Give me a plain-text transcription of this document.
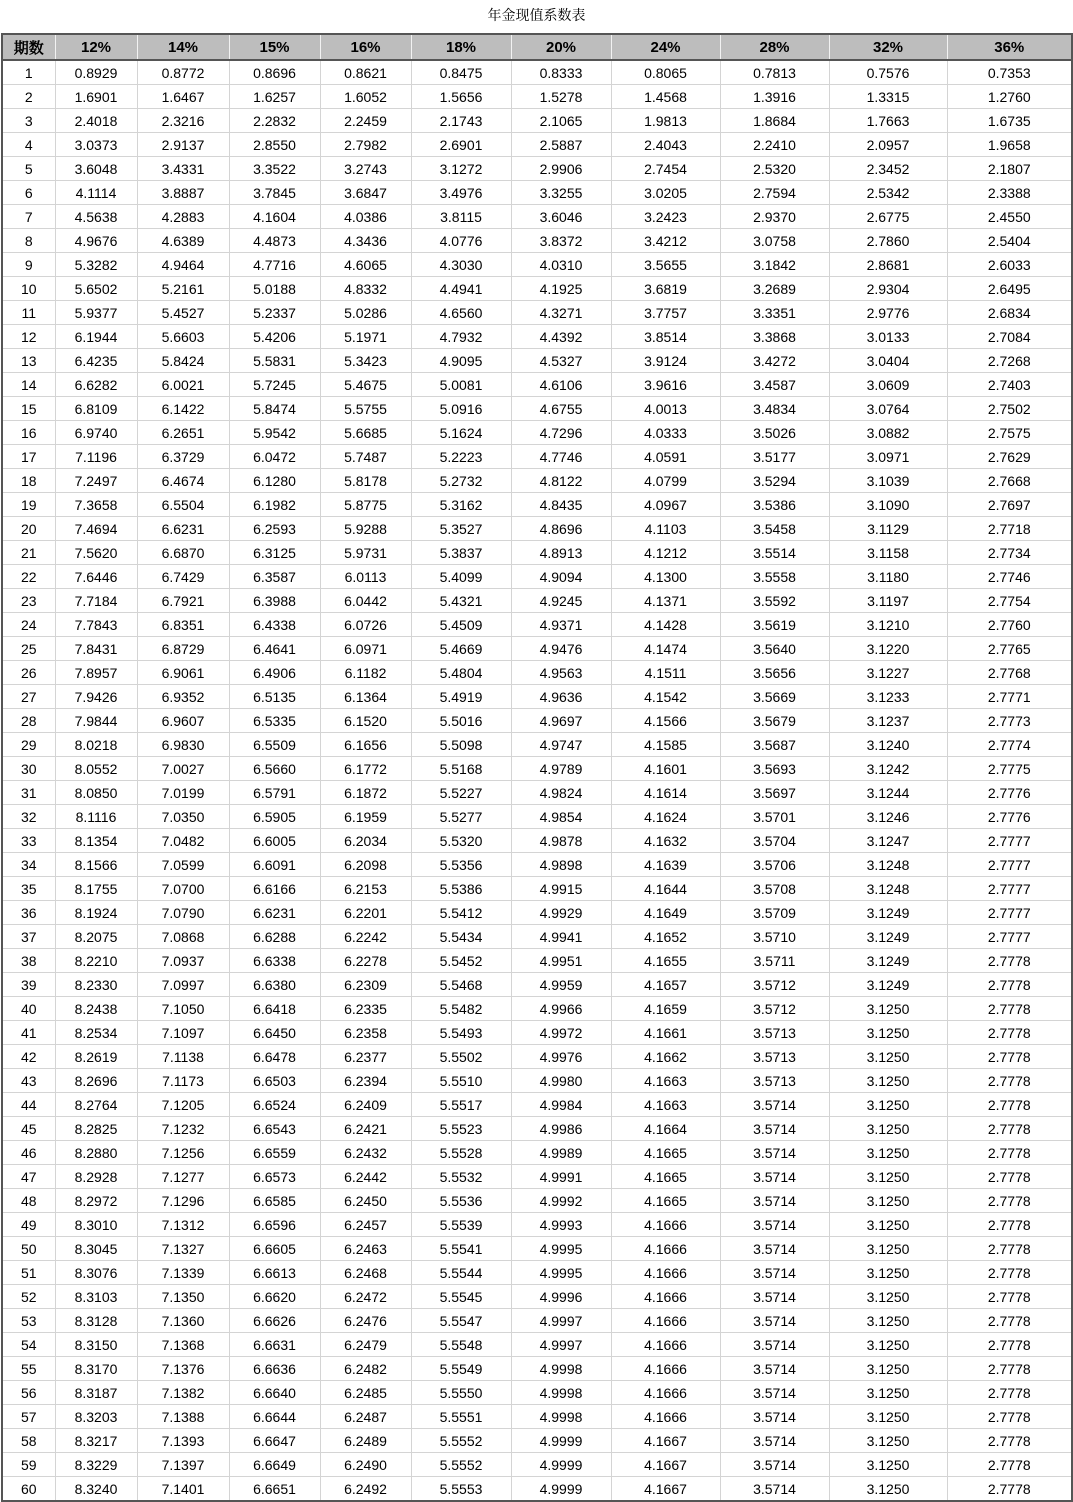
年金现值系数表
期数	12%	14%	15%	16%	18%	20%	24%	28%	32%	36%
1	0.8929	0.8772	0.8696	0.8621	0.8475	0.8333	0.8065	0.7813	0.7576	0.7353
2	1.6901	1.6467	1.6257	1.6052	1.5656	1.5278	1.4568	1.3916	1.3315	1.2760
3	2.4018	2.3216	2.2832	2.2459	2.1743	2.1065	1.9813	1.8684	1.7663	1.6735
4	3.0373	2.9137	2.8550	2.7982	2.6901	2.5887	2.4043	2.2410	2.0957	1.9658
5	3.6048	3.4331	3.3522	3.2743	3.1272	2.9906	2.7454	2.5320	2.3452	2.1807
6	4.1114	3.8887	3.7845	3.6847	3.4976	3.3255	3.0205	2.7594	2.5342	2.3388
7	4.5638	4.2883	4.1604	4.0386	3.8115	3.6046	3.2423	2.9370	2.6775	2.4550
8	4.9676	4.6389	4.4873	4.3436	4.0776	3.8372	3.4212	3.0758	2.7860	2.5404
9	5.3282	4.9464	4.7716	4.6065	4.3030	4.0310	3.5655	3.1842	2.8681	2.6033
10	5.6502	5.2161	5.0188	4.8332	4.4941	4.1925	3.6819	3.2689	2.9304	2.6495
11	5.9377	5.4527	5.2337	5.0286	4.6560	4.3271	3.7757	3.3351	2.9776	2.6834
12	6.1944	5.6603	5.4206	5.1971	4.7932	4.4392	3.8514	3.3868	3.0133	2.7084
13	6.4235	5.8424	5.5831	5.3423	4.9095	4.5327	3.9124	3.4272	3.0404	2.7268
14	6.6282	6.0021	5.7245	5.4675	5.0081	4.6106	3.9616	3.4587	3.0609	2.7403
15	6.8109	6.1422	5.8474	5.5755	5.0916	4.6755	4.0013	3.4834	3.0764	2.7502
16	6.9740	6.2651	5.9542	5.6685	5.1624	4.7296	4.0333	3.5026	3.0882	2.7575
17	7.1196	6.3729	6.0472	5.7487	5.2223	4.7746	4.0591	3.5177	3.0971	2.7629
18	7.2497	6.4674	6.1280	5.8178	5.2732	4.8122	4.0799	3.5294	3.1039	2.7668
19	7.3658	6.5504	6.1982	5.8775	5.3162	4.8435	4.0967	3.5386	3.1090	2.7697
20	7.4694	6.6231	6.2593	5.9288	5.3527	4.8696	4.1103	3.5458	3.1129	2.7718
21	7.5620	6.6870	6.3125	5.9731	5.3837	4.8913	4.1212	3.5514	3.1158	2.7734
22	7.6446	6.7429	6.3587	6.0113	5.4099	4.9094	4.1300	3.5558	3.1180	2.7746
23	7.7184	6.7921	6.3988	6.0442	5.4321	4.9245	4.1371	3.5592	3.1197	2.7754
24	7.7843	6.8351	6.4338	6.0726	5.4509	4.9371	4.1428	3.5619	3.1210	2.7760
25	7.8431	6.8729	6.4641	6.0971	5.4669	4.9476	4.1474	3.5640	3.1220	2.7765
26	7.8957	6.9061	6.4906	6.1182	5.4804	4.9563	4.1511	3.5656	3.1227	2.7768
27	7.9426	6.9352	6.5135	6.1364	5.4919	4.9636	4.1542	3.5669	3.1233	2.7771
28	7.9844	6.9607	6.5335	6.1520	5.5016	4.9697	4.1566	3.5679	3.1237	2.7773
29	8.0218	6.9830	6.5509	6.1656	5.5098	4.9747	4.1585	3.5687	3.1240	2.7774
30	8.0552	7.0027	6.5660	6.1772	5.5168	4.9789	4.1601	3.5693	3.1242	2.7775
31	8.0850	7.0199	6.5791	6.1872	5.5227	4.9824	4.1614	3.5697	3.1244	2.7776
32	8.1116	7.0350	6.5905	6.1959	5.5277	4.9854	4.1624	3.5701	3.1246	2.7776
33	8.1354	7.0482	6.6005	6.2034	5.5320	4.9878	4.1632	3.5704	3.1247	2.7777
34	8.1566	7.0599	6.6091	6.2098	5.5356	4.9898	4.1639	3.5706	3.1248	2.7777
35	8.1755	7.0700	6.6166	6.2153	5.5386	4.9915	4.1644	3.5708	3.1248	2.7777
36	8.1924	7.0790	6.6231	6.2201	5.5412	4.9929	4.1649	3.5709	3.1249	2.7777
37	8.2075	7.0868	6.6288	6.2242	5.5434	4.9941	4.1652	3.5710	3.1249	2.7777
38	8.2210	7.0937	6.6338	6.2278	5.5452	4.9951	4.1655	3.5711	3.1249	2.7778
39	8.2330	7.0997	6.6380	6.2309	5.5468	4.9959	4.1657	3.5712	3.1249	2.7778
40	8.2438	7.1050	6.6418	6.2335	5.5482	4.9966	4.1659	3.5712	3.1250	2.7778
41	8.2534	7.1097	6.6450	6.2358	5.5493	4.9972	4.1661	3.5713	3.1250	2.7778
42	8.2619	7.1138	6.6478	6.2377	5.5502	4.9976	4.1662	3.5713	3.1250	2.7778
43	8.2696	7.1173	6.6503	6.2394	5.5510	4.9980	4.1663	3.5713	3.1250	2.7778
44	8.2764	7.1205	6.6524	6.2409	5.5517	4.9984	4.1663	3.5714	3.1250	2.7778
45	8.2825	7.1232	6.6543	6.2421	5.5523	4.9986	4.1664	3.5714	3.1250	2.7778
46	8.2880	7.1256	6.6559	6.2432	5.5528	4.9989	4.1665	3.5714	3.1250	2.7778
47	8.2928	7.1277	6.6573	6.2442	5.5532	4.9991	4.1665	3.5714	3.1250	2.7778
48	8.2972	7.1296	6.6585	6.2450	5.5536	4.9992	4.1665	3.5714	3.1250	2.7778
49	8.3010	7.1312	6.6596	6.2457	5.5539	4.9993	4.1666	3.5714	3.1250	2.7778
50	8.3045	7.1327	6.6605	6.2463	5.5541	4.9995	4.1666	3.5714	3.1250	2.7778
51	8.3076	7.1339	6.6613	6.2468	5.5544	4.9995	4.1666	3.5714	3.1250	2.7778
52	8.3103	7.1350	6.6620	6.2472	5.5545	4.9996	4.1666	3.5714	3.1250	2.7778
53	8.3128	7.1360	6.6626	6.2476	5.5547	4.9997	4.1666	3.5714	3.1250	2.7778
54	8.3150	7.1368	6.6631	6.2479	5.5548	4.9997	4.1666	3.5714	3.1250	2.7778
55	8.3170	7.1376	6.6636	6.2482	5.5549	4.9998	4.1666	3.5714	3.1250	2.7778
56	8.3187	7.1382	6.6640	6.2485	5.5550	4.9998	4.1666	3.5714	3.1250	2.7778
57	8.3203	7.1388	6.6644	6.2487	5.5551	4.9998	4.1666	3.5714	3.1250	2.7778
58	8.3217	7.1393	6.6647	6.2489	5.5552	4.9999	4.1667	3.5714	3.1250	2.7778
59	8.3229	7.1397	6.6649	6.2490	5.5552	4.9999	4.1667	3.5714	3.1250	2.7778
60	8.3240	7.1401	6.6651	6.2492	5.5553	4.9999	4.1667	3.5714	3.1250	2.7778
